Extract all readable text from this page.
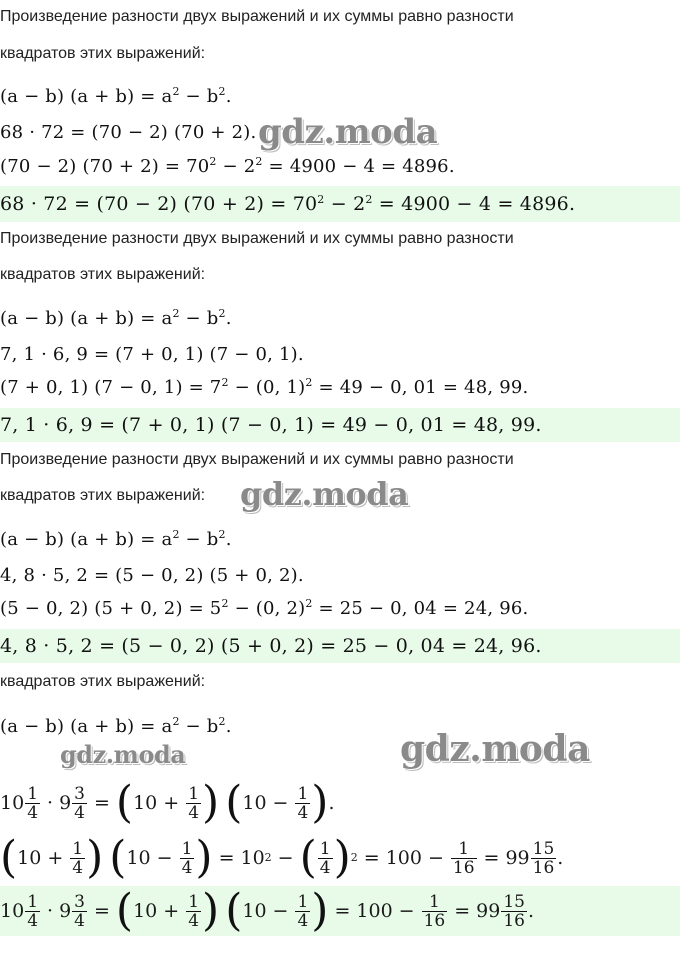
Произведение разности двух выражений и их суммы равно разности
квадратов этих выражений:
(a − b) $(a + b) = a^2 - b^2$.
68 · 72 = (70 − 2) (70 + 2). gdz.moda
(70 − 2) $(70 + 2) = 70^2 - 2^2 = 4900 - 4 = 4896$.
68 · 72 = (70 − 2) $(70 + 2) = 70^2 - 2^2 = 4900 - 4 = 4896$.
Произведение разности двух выражений и их суммы равно разности
квадратов этих выражений:
(a − b) $(a + b) = a^2 - b^2$.
7, 1 · 6, 9 = (7 + 0, 1) (7 − 0, 1).
(7 + 0, 1) (7 − 0, $1) = 7^2 - (0$, 1)$^2$ = 49 − 0, 01 = 48, 99.
7, 1 · 6, 9 = (7 + 0, 1) (7 − 0, 1) = 49 − 0, 01 = 48, 99.
Произведение разности двух выражений и их суммы равно разности
квадратов этих выражений: gdz.moda
(a − b) $(a + b) = a^2 - b^2$.
4, 8 · 5, 2 = (5 − 0, 2) (5 + 0, 2).
(5 − 0, 2) (5 + 0, $2) = 5^2 - (0$, 2)$^2$ = 25 − 0, 04 = 24, 96.
4, 8 · 5, 2 = (5 − 0, 2) (5 + 0, 2) = 25 − 0, 04 = 24, 96.
квадратов этих выражений:
(a − b) $(a + b) = a^2 - b^2$.
gdz.moda	gdz.moda
$10 \frac{1}{4} \cdot 9 \frac{3}{4}$ = ( $10 + \frac{1}{4}$ ) ( $10 - \frac{1}{4}$ ) .
( $10 + \frac{1}{4}$ ) ( $10 - \frac{1}{4}$ ) = 10 2 − ( $\frac{1}{4}$ ) $2 = 100 - \frac{1}{16} = 99 \frac{15}{16}$ .
$10 \frac{1}{4} \cdot 9 \frac{3}{4}$ = ( $10 + \frac{1}{4}$ ) ( $10 - \frac{1}{4}$ ) = $100 - \frac{1}{16} = 99 \frac{15}{16}$ .
